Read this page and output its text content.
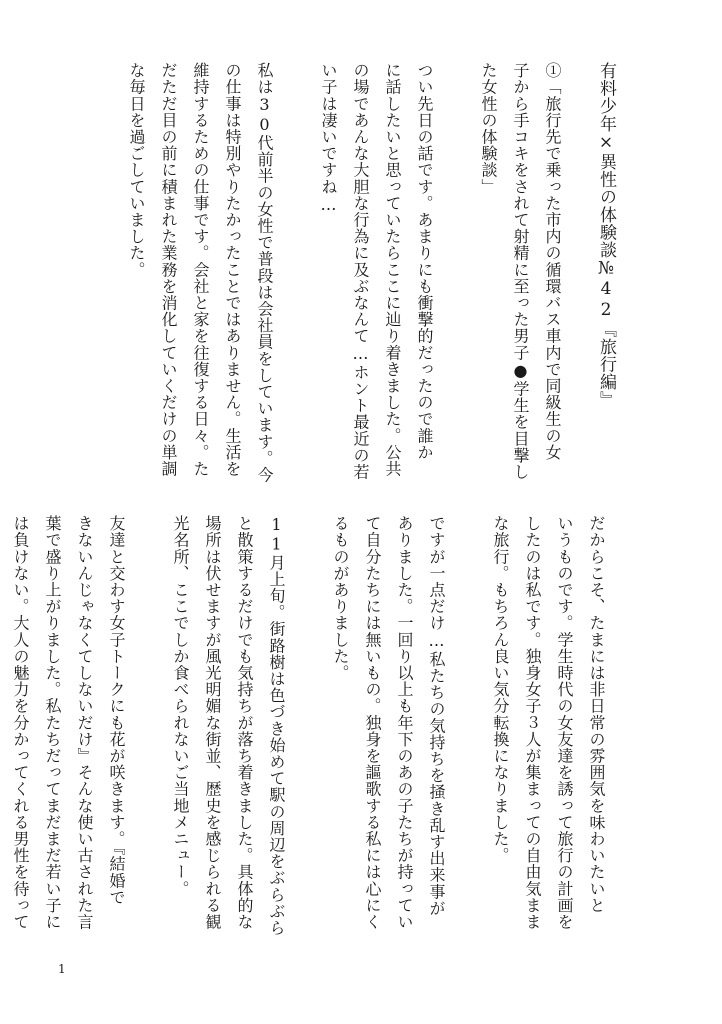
有料少年×異性の体験談№42『旅行編』

①「旅行先で乗った市内の循環バス車内で同級生の女

子から手コキをされて射精に至った男子●学生を目撃し

た女性の体験談」

つい先日の話です。あまりにも衝撃的だったので誰か

に話したいと思っていたらここに辿り着きました。公共

の場であんな大胆な行為に及ぶなんて…ホント最近の若

い子は凄いですね…

私は30代前半の女性で普段は会社員をしています。今

の仕事は特別やりたかったことではありません。生活を

維持するための仕事です。会社と家を往復する日々。た

だただ目の前に積まれた業務を消化していくだけの単調

な毎日を過ごしていました。

だからこそ、たまには非日常の雰囲気を味わいたいと

いうものです。学生時代の女友達を誘って旅行の計画を

したのは私です。独身女子３人が集まっての自由気まま

な旅行。もちろん良い気分転換になりました。

ですが一点だけ…私たちの気持ちを掻き乱す出来事が

ありました。一回り以上も年下のあの子たちが持ってい

て自分たちには無いもの。独身を謳歌する私には心にく

るものがありました。

11月上旬。街路樹は色づき始めて駅の周辺をぶらぶら

と散策するだけでも気持ちが落ち着きました。具体的な

場所は伏せますが風光明媚な街並、歴史を感じられる観

光名所、ここでしか食べられないご当地メニュー。

友達と交わす女子トークにも花が咲きます。『結婚で

きないんじゃなくてしないだけ』そんな使い古された言

葉で盛り上がりました。私たちだってまだまだ若い子に

は負けない。大人の魅力を分かってくれる男性を待って

1
